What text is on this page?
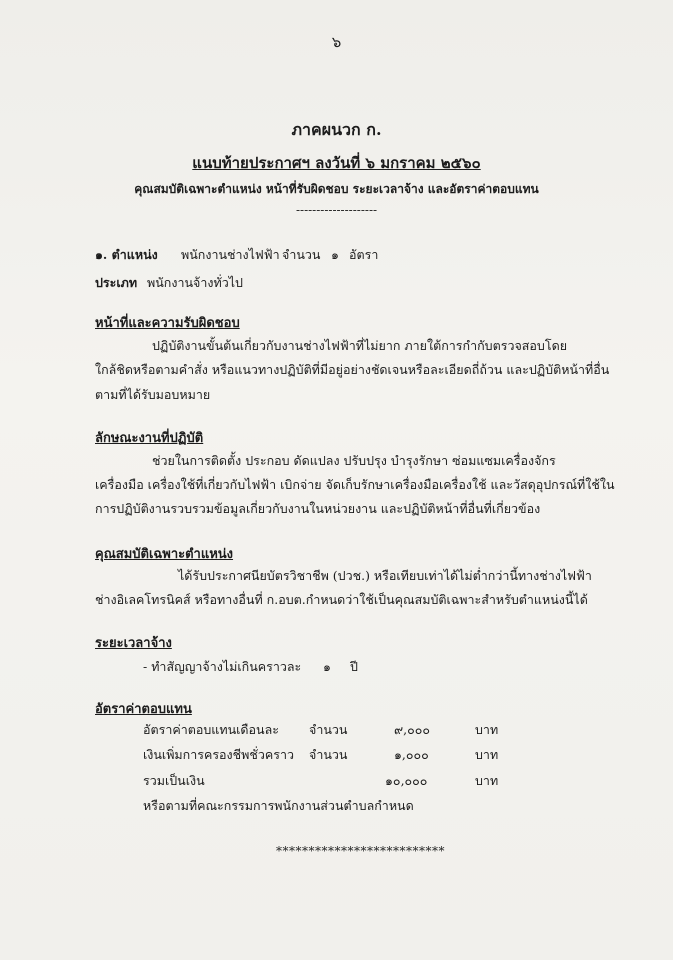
๖
ภาคผนวก ก.
แนบท้ายประกาศฯ ลงวันที่ ๖ มกราคม ๒๕๖๐
คุณสมบัติเฉพาะตำแหน่ง หน้าที่รับผิดชอบ ระยะเวลาจ้าง และอัตราค่าตอบแทน
--------------------
๑. ตำแหน่ง พนักงานช่างไฟฟ้า จำนวน ๑ อัตรา
ประเภท พนักงานจ้างทั่วไป
หน้าที่และความรับผิดชอบ
ปฏิบัติงานขั้นต้นเกี่ยวกับงานช่างไฟฟ้าที่ไม่ยาก ภายใต้การกำกับตรวจสอบโดย
ใกล้ชิดหรือตามคำสั่ง หรือแนวทางปฏิบัติที่มีอยู่อย่างชัดเจนหรือละเอียดถี่ถ้วน และปฏิบัติหน้าที่อื่น
ตามที่ได้รับมอบหมาย
ลักษณะงานที่ปฏิบัติ
ช่วยในการติดตั้ง ประกอบ ดัดแปลง ปรับปรุง บำรุงรักษา ซ่อมแซมเครื่องจักร
เครื่องมือ เครื่องใช้ที่เกี่ยวกับไฟฟ้า เบิกจ่าย จัดเก็บรักษาเครื่องมือเครื่องใช้ และวัสดุอุปกรณ์ที่ใช้ใน
การปฏิบัติงานรวบรวมข้อมูลเกี่ยวกับงานในหน่วยงาน และปฏิบัติหน้าที่อื่นที่เกี่ยวข้อง
คุณสมบัติเฉพาะตำแหน่ง
ได้รับประกาศนียบัตรวิชาชีพ (ปวช.) หรือเทียบเท่าได้ไม่ต่ำกว่านี้ทางช่างไฟฟ้า
ช่างอิเลคโทรนิคส์ หรือทางอื่นที่ ก.อบต.กำหนดว่าใช้เป็นคุณสมบัติเฉพาะสำหรับตำแหน่งนี้ได้
ระยะเวลาจ้าง
- ทำสัญญาจ้างไม่เกินคราวละ ๑ ปี
อัตราค่าตอบแทน
อัตราค่าตอบแทนเดือนละ จำนวน	๙,๐๐๐	บาท
เงินเพิ่มการครองชีพชั่วคราว จำนวน	๑,๐๐๐	บาท
รวมเป็นเงิน	๑๐,๐๐๐	บาท
หรือตามที่คณะกรรมการพนักงานส่วนตำบลกำหนด
**************************
